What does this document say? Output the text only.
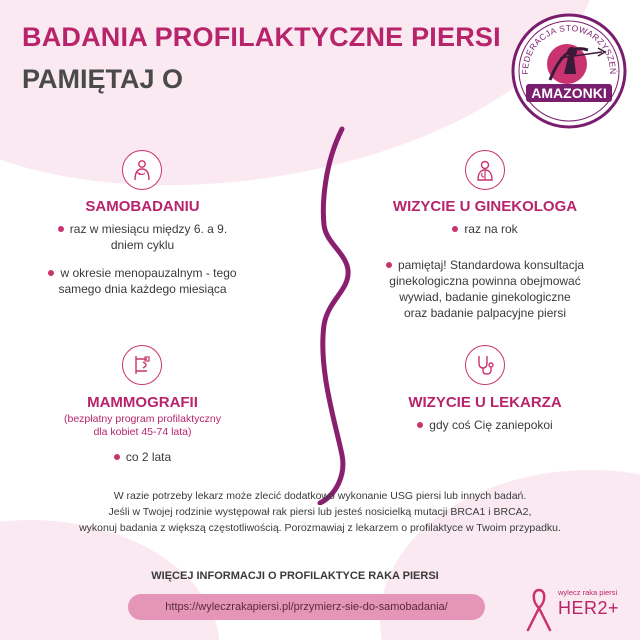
BADANIA PROFILAKTYCZNE PIERSI
PAMIĘTAJ O	FEDERACJA STOWARZYSZEŃ
AMAZONKI
SAMOBADANIU
raz w miesiącu między 6. a 9.
dniem cyklu
w okresie menopauzalnym - tego
samego dnia każdego miesiąca
WIZYCIE U GINEKOLOGA
raz na rok
pamiętaj! Standardowa konsultacja
ginekologiczna powinna obejmować
wywiad, badanie ginekologiczne
oraz badanie palpacyjne piersi
MAMMOGRAFII
(bezpłatny program profilaktyczny
dla kobiet 45-74 lata)
co 2 lata
WIZYCIE U LEKARZA
gdy coś Cię zaniepokoi
W razie potrzeby lekarz może zlecić dodatkowo wykonanie USG piersi lub innych badań.
Jeśli w Twojej rodzinie występował rak piersi lub jesteś nosicielką mutacji BRCA1 i BRCA2,
wykonuj badania z większą częstotliwością. Porozmawiaj z lekarzem o profilaktyce w Twoim przypadku.
WIĘCEJ INFORMACJI O PROFILAKTYCE RAKA PIERSI
https://wyleczrakapiersi.pl/przymierz-sie-do-samobadania/
wylecz raka piersi
HER2+
